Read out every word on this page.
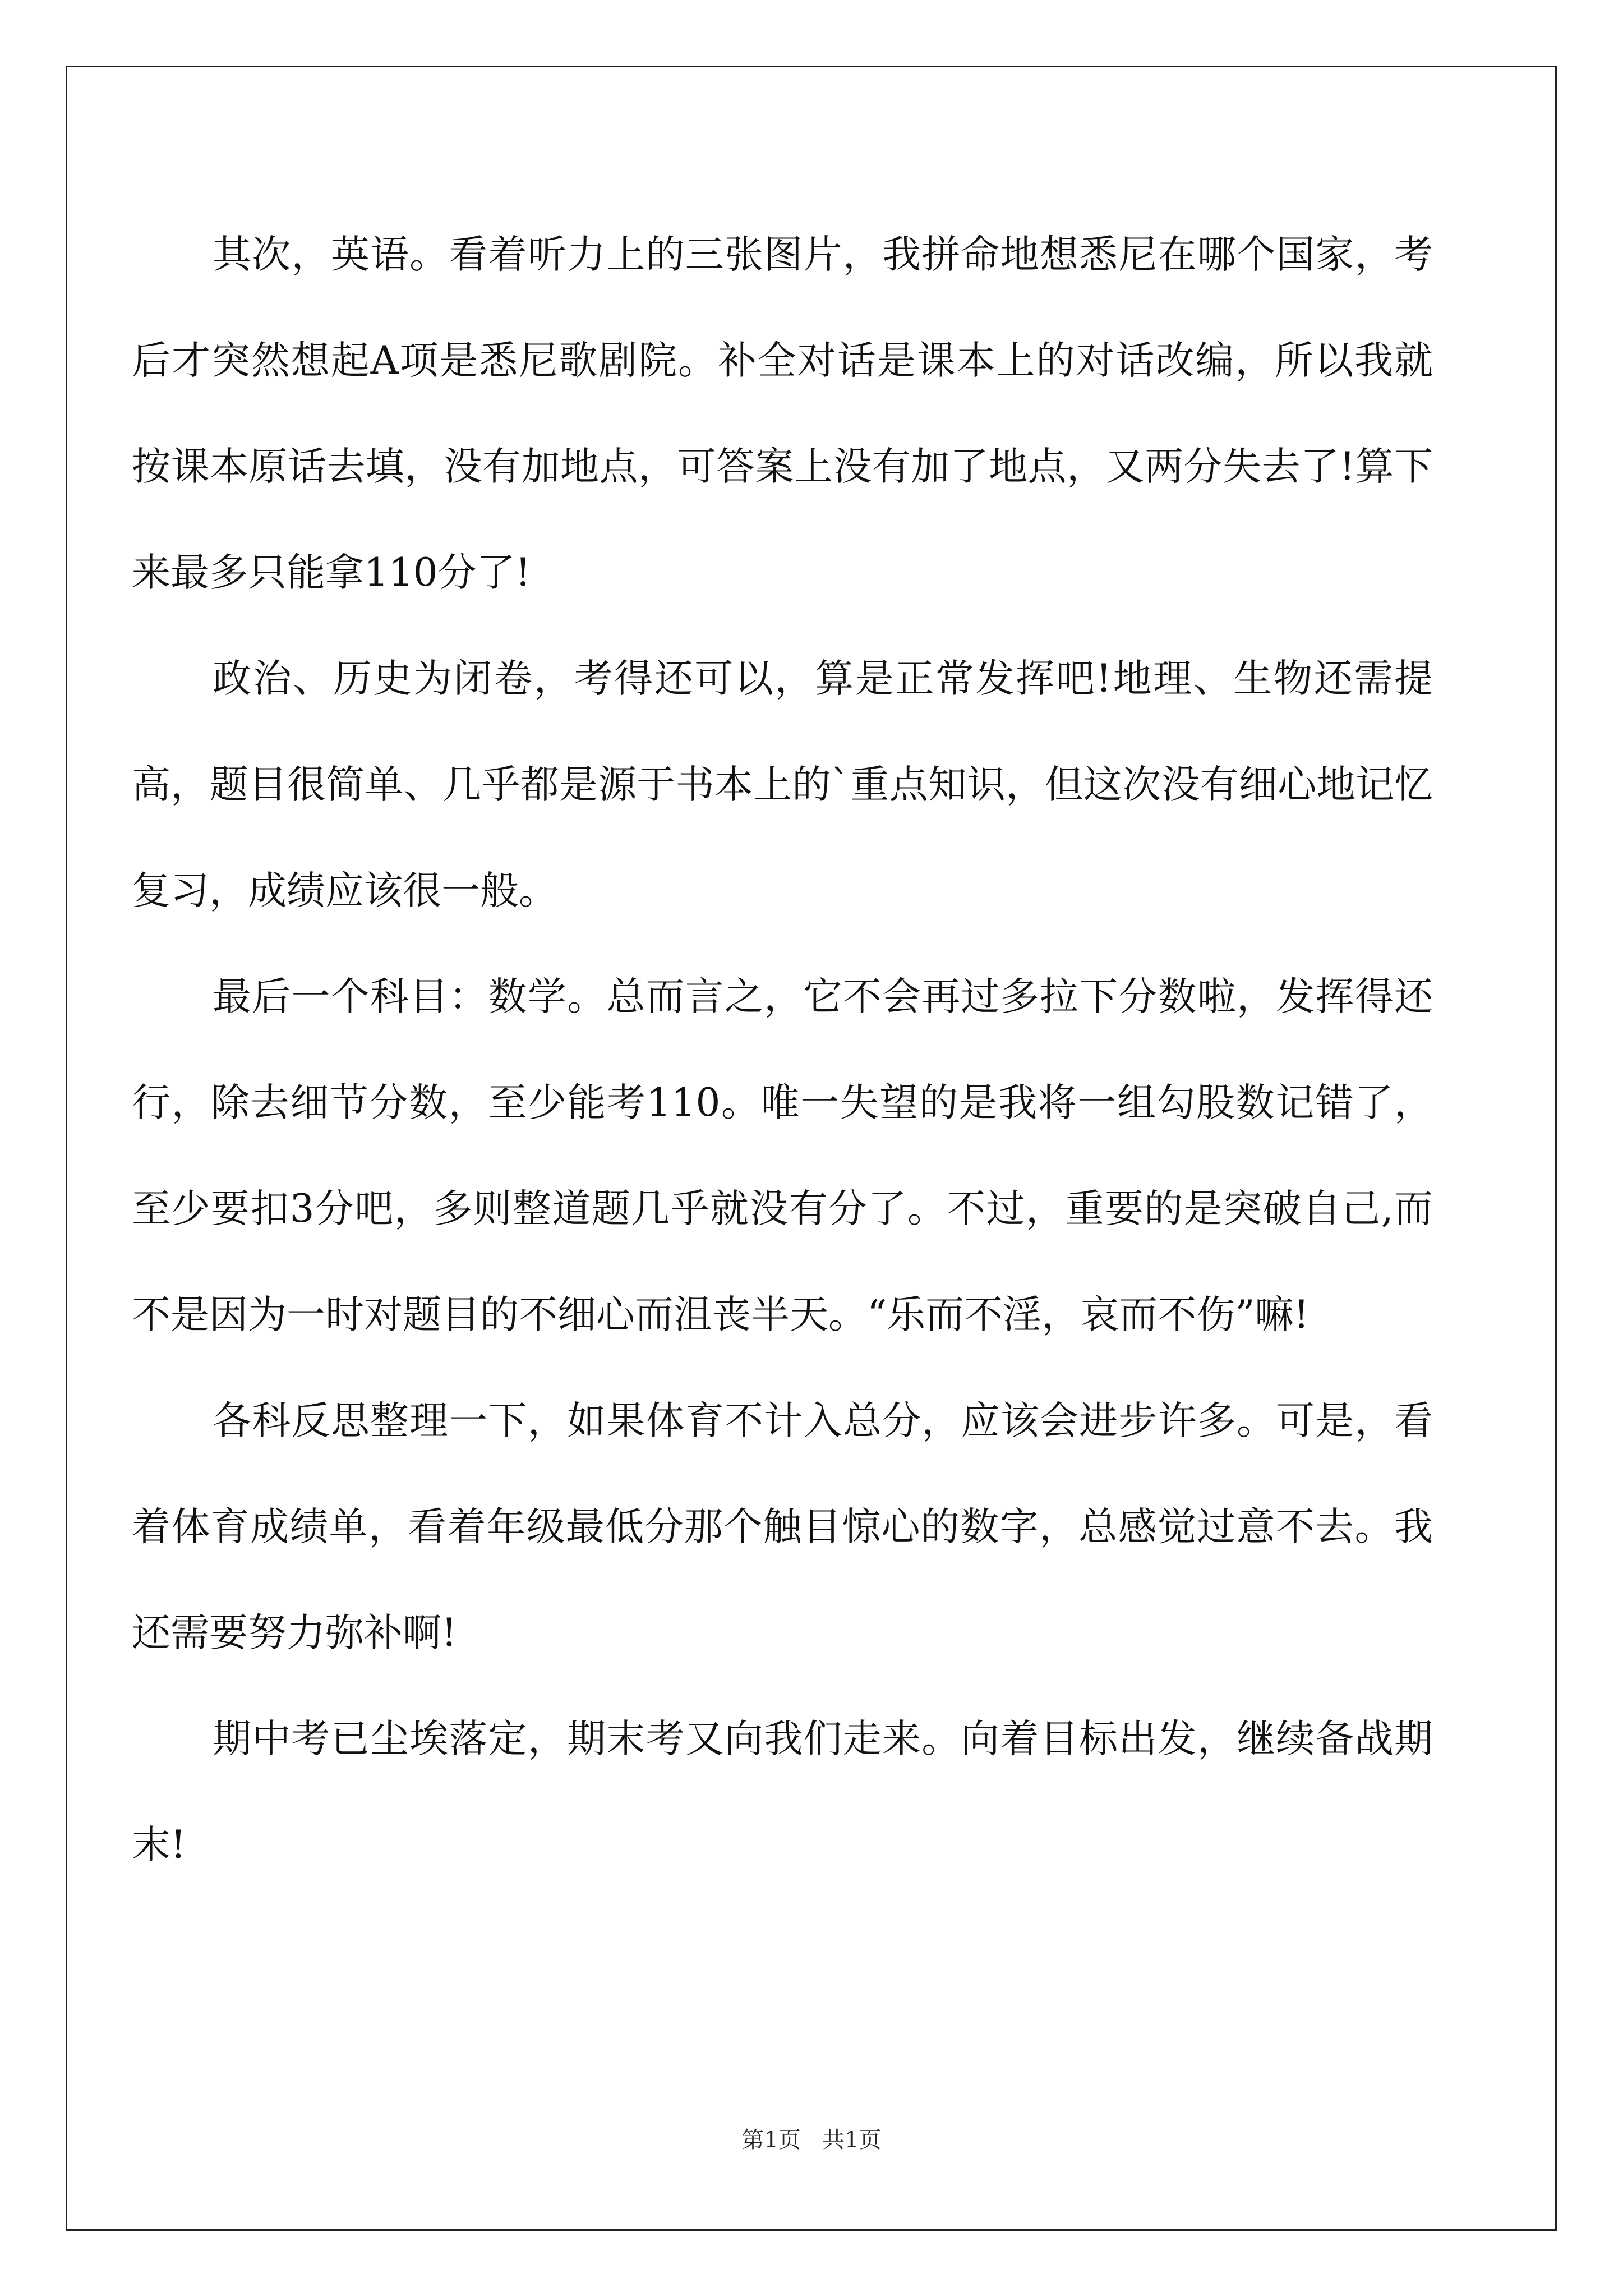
其次，英语。看着听力上的三张图片，我拼命地想悉尼在哪个国家，考后才突然想起A项是悉尼歌剧院。补全对话是课本上的对话改编，所以我就按课本原话去填，没有加地点，可答案上没有加了地点，又两分失去了!算下来最多只能拿110分了!

政治、历史为闭卷，考得还可以，算是正常发挥吧!地理、生物还需提高，题目很简单、几乎都是源于书本上的`重点知识，但这次没有细心地记忆复习，成绩应该很一般。

最后一个科目：数学。总而言之，它不会再过多拉下分数啦，发挥得还行，除去细节分数，至少能考110。唯一失望的是我将一组勾股数记错了，至少要扣3分吧，多则整道题几乎就没有分了。不过，重要的是突破自己,而不是因为一时对题目的不细心而沮丧半天。“乐而不淫，哀而不伤”嘛!

各科反思整理一下，如果体育不计入总分，应该会进步许多。可是，看着体育成绩单，看着年级最低分那个触目惊心的数字，总感觉过意不去。我还需要努力弥补啊!

期中考已尘埃落定，期末考又向我们走来。向着目标出发，继续备战期末!

第1页   共1页
